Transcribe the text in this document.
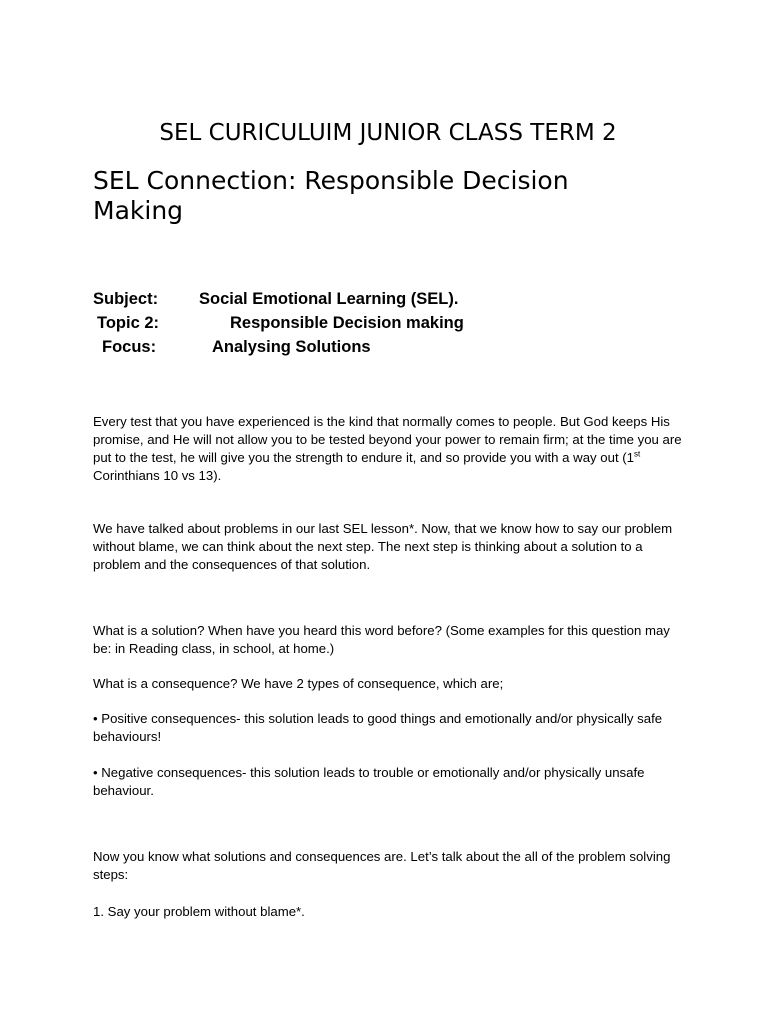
SEL CURICULUIM JUNIOR CLASS TERM 2
SEL Connection: Responsible Decision
Making
Subject: Social Emotional Learning (SEL).
Topic 2:	Responsible Decision making
Focus:	Analysing Solutions

Every test that you have experienced is the kind that normally comes to people. But God keeps His promise, and He will not allow you to be tested beyond your power to remain firm; at the time you are put to the test, he will give you the strength to endure it, and so provide you with a way out (1st Corinthians 10 vs 13).

We have talked about problems in our last SEL lesson*. Now, that we know how to say our problem without blame, we can think about the next step. The next step is thinking about a solution to a problem and the consequences of that solution.

What is a solution? When have you heard this word before? (Some examples for this question may be: in Reading class, in school, at home.)

What is a consequence? We have 2 types of consequence, which are;

• Positive consequences- this solution leads to good things and emotionally and/or physically safe behaviours!

• Negative consequences- this solution leads to trouble or emotionally and/or physically unsafe behaviour.

Now you know what solutions and consequences are. Let’s talk about the all of the problem solving steps:

1. Say your problem without blame*.
